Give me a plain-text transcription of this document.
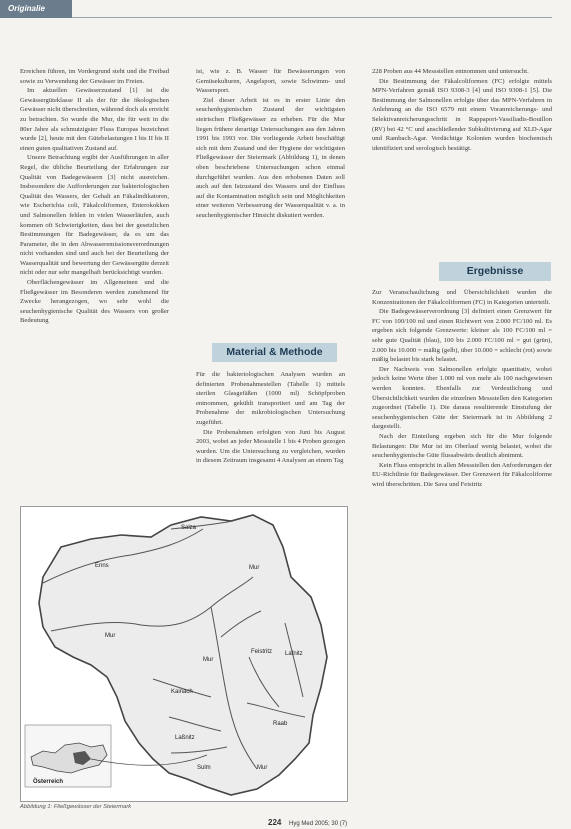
Originalie

Erreichen führen, im Vordergrund steht und die Freibad sowie zu Verwendung der Gewässer im Freien.

Im aktuellen Gewässerzustand [1] ist die Gewässergüteklasse II als der für die ökologischen Gewässer nicht überschreiten, während doch als erreicht zu betrachten. So wurde die Mur, die für weit in die 80er Jahre als schmutzigster Fluss Europas bezeichnet wurde [2], heute mit den Gütebelastungen I bis II bis II einen guten qualitativen Zustand auf.

Unsere Betrachtung ergibt der Ausführungen in aller Regel, die übliche Beurteilung der Erfahrungen zur Qualität von Badegewässern [3] nicht ausreichen. Insbesondere die Aufforderungen zur bakteriologischen Qualität des Wassers, der Gehalt an Fäkalindikatoren, wie Escherichia coli, Fäkalcoliformen, Enterokokken und Salmonellen fehlen in vielen Wasserläufen, auch kommen oft Schwierigkeiten, dass bei der gesetzlichen Bestimmungen für Badegewässer, da es um das Parameter, die in den Abwasseremissionsverordnungen nicht vorhanden sind und auch bei der Beurteilung der Wasserqualität und bewertung der Gewässergüte derzeit nicht oder nur sehr mangelhaft berücksichtigt wurden.

Oberflächengewässer im Allgemeinen und die Fließgewässer im Besonderen werden zunehmend für Zwecke herangezogen, wo sehr wohl die seuchenhygienische Qualität des Wassers von großer Bedeutung

ist, wie z. B. Wasser für Bewässerungen von Gemüsekulturen, Angelsport, sowie Schwimm- und Wassersport.

Ziel dieser Arbeit ist es in erster Linie den seuchenhygienischen Zustand der wichtigsten steirischen Fließgewässer zu erheben. Für die Mur liegen frühere derartige Untersuchungen aus den Jahren 1991 bis 1993 vor. Die vorliegende Arbeit beschäftigt sich mit dem Zustand und der Hygiene der wichtigsten Fließgewässer der Steiermark (Abbildung 1), in denen oben beschriebene Untersuchungen schon einmal durchgeführt wurden. Aus den erhobenen Daten soll auch auf den Istzustand des Wassers und der Einfluss auf die Kontamination möglich sein und Möglichkeiten einer weiteren Verbesserung der Wasserqualität v. a. in seuchenhygienischer Hinsicht diskutiert werden.

Material & Methode

Für die bakteriologischen Analysen wurden an definierten Probenahmestellen (Tabelle 1) mittels sterilen Glasgefäßen (1000 ml) Schöpfproben entnommen, gekühlt transportiert und am Tag der Probenahme der mikrobiologischen Untersuchung zugeführt.

Die Probenahmen erfolgten von Juni bis August 2003, wobei an jeder Messstelle 1 bis 4 Proben gezogen wurden. Um die Untersuchung zu vergleichen, wurden in diesem Zeitraum insgesamt 4 Analysen an einem Tag

228 Proben aus 44 Messstellen entnommen und untersucht.

Die Bestimmung der Fäkalcoliformen (FC) erfolgte mittels MPN-Verfahren gemäß ISO 9308-3 [4] und ISO 9308-1 [5]. Die Bestimmung der Salmonellen erfolgte über das MPN-Verfahren in Anlehnung an die ISO 6579 mit einem Voranreicherungs- und Selektivanreicherungsschritt in Rappaport-Vassiliadis-Bouillon (RV) bei 42 °C und anschließender Subkultivierung auf XLD-Agar und Rambach-Agar. Verdächtige Kolonien wurden biochemisch identifiziert und serologisch bestätigt.

Ergebnisse

Zur Veranschaulichung und Übersichtlichkeit wurden die Konzentrationen der Fäkalcoliformen (FC) in Kategorien unterteilt.

Die Badegewässerverordnung [3] definiert einen Grenzwert für FC von 100/100 ml und einen Richtwert von 2.000 FC/100 ml. Es ergeben sich folgende Grenzwerte: kleiner als 100 FC/100 ml = sehr gute Qualität (blau), 100 bis 2.000 FC/100 ml = gut (grün), 2.000 bis 10.000 = mäßig (gelb), über 10.000 = schlecht (rot) sowie mäßig belastet bis stark belastet.

Der Nachweis von Salmonellen erfolgte quantitativ, wobei jedoch keine Werte über 1.000 ml von mehr als 100 nachgewiesen werden konnten. Ebenfalls zur Verdeutlichung und Übersichtlichkeit wurden die einzelnen Messstellen den Kategorien zugeordnet (Tabelle 1). Die daraus resultierende Einstufung der seuchenhygienischen Güte der Steiermark ist in Abbildung 2 dargestellt.

Nach der Einteilung ergeben sich für die Mur folgende Belastungen: Die Mur ist im Oberlauf wenig belastet, wobei die seuchenhygienische Güte flussabwärts deutlich abnimmt.

Kein Fluss entspricht in allen Messstellen den Anforderungen der EU-Richtlinie für Badegewässer. Der Grenzwert für Fäkalcoliforme wird überschritten. Die Sava und Feistritz

Salza
Enns	Mur
Mur
Mur
Feistritz Lafnitz
Kainach
Raab
Laßnitz
Sulm	Mur
Österreich
Abbildung 1: Fließgewässer der Steiermark
224 Hyg Med 2005; 30 (7)
